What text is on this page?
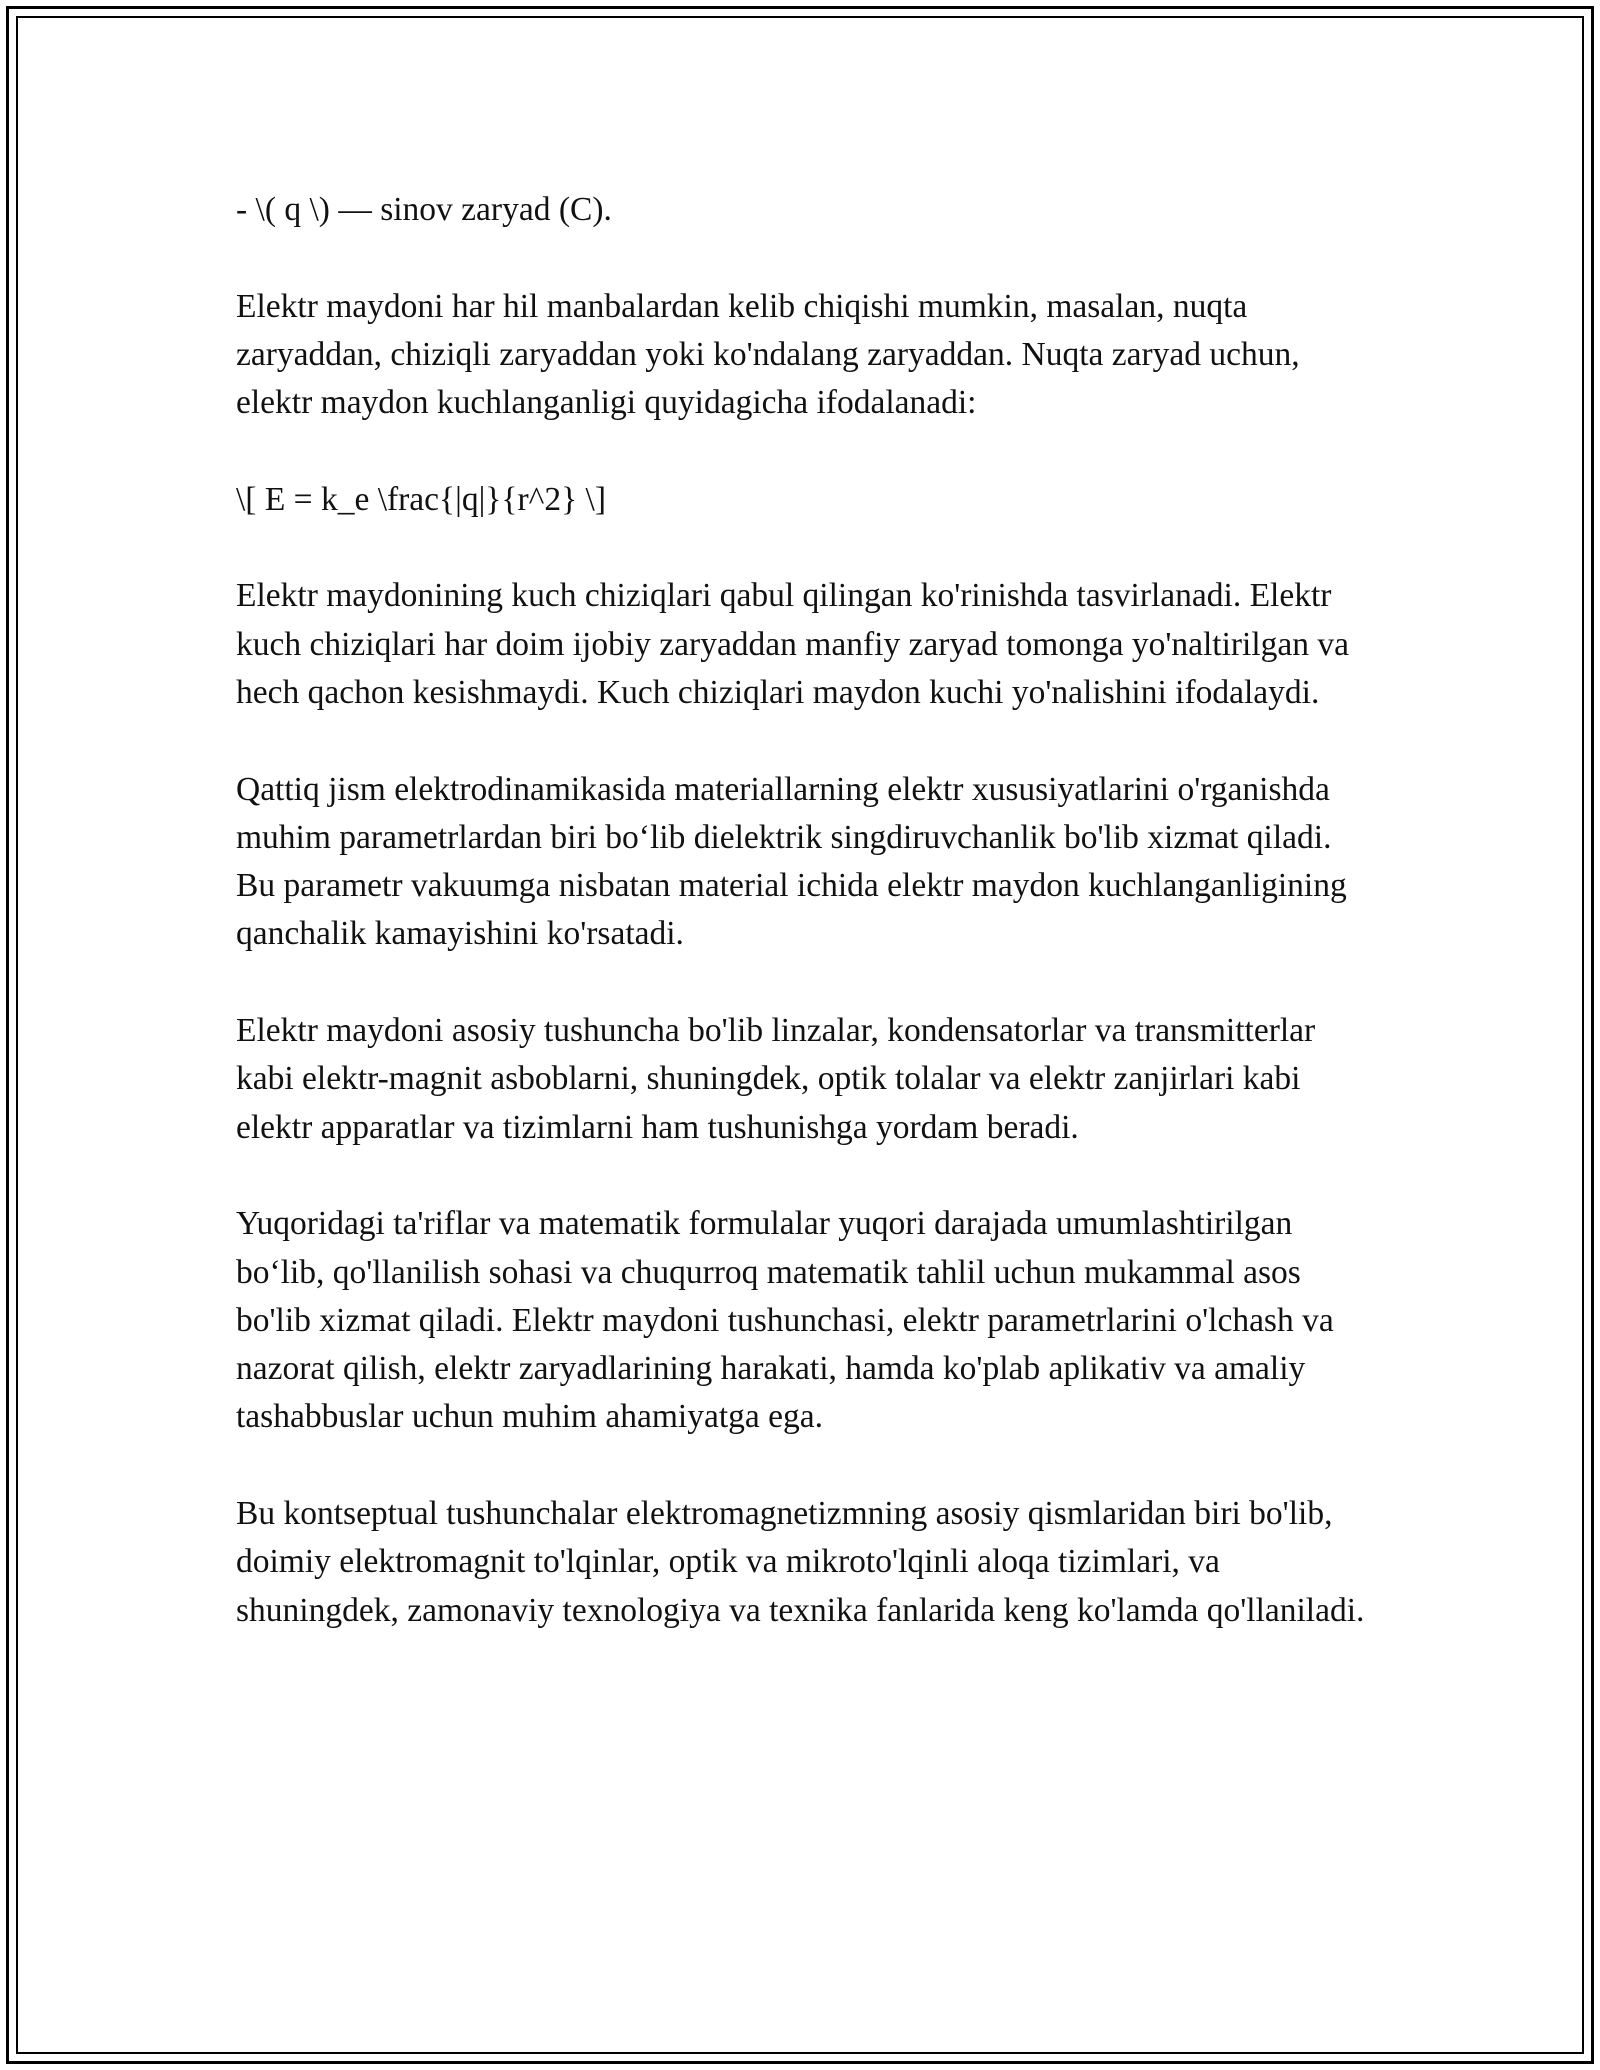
- \( q \) — sinov zaryad (C).

Elektr maydoni har hil manbalardan kelib chiqishi mumkin, masalan, nuqta zaryaddan, chiziqli zaryaddan yoki ko'ndalang zaryaddan. Nuqta zaryad uchun, elektr maydon kuchlanganligi quyidagicha ifodalanadi:

\[ E = k_e \frac{|q|}{r^2} \]

Elektr maydonining kuch chiziqlari qabul qilingan ko'rinishda tasvirlanadi. Elektr kuch chiziqlari har doim ijobiy zaryaddan manfiy zaryad tomonga yo'naltirilgan va hech qachon kesishmaydi. Kuch chiziqlari maydon kuchi yo'nalishini ifodalaydi.

Qattiq jism elektrodinamikasida materiallarning elektr xususiyatlarini o'rganishda muhim parametrlardan biri bo‘lib dielektrik singdiruvchanlik bo'lib xizmat qiladi. Bu parametr vakuumga nisbatan material ichida elektr maydon kuchlanganligining qanchalik kamayishini ko'rsatadi.

Elektr maydoni asosiy tushuncha bo'lib linzalar, kondensatorlar va transmitterlar kabi elektr-magnit asboblarni, shuningdek, optik tolalar va elektr zanjirlari kabi elektr apparatlar va tizimlarni ham tushunishga yordam beradi.

Yuqoridagi ta'riflar va matematik formulalar yuqori darajada umumlashtirilgan bo‘lib, qo'llanilish sohasi va chuqurroq matematik tahlil uchun mukammal asos bo'lib xizmat qiladi. Elektr maydoni tushunchasi, elektr parametrlarini o'lchash va nazorat qilish, elektr zaryadlarining harakati, hamda ko'plab aplikativ va amaliy tashabbuslar uchun muhim ahamiyatga ega.

Bu kontseptual tushunchalar elektromagnetizmning asosiy qismlaridan biri bo'lib, doimiy elektromagnit to'lqinlar, optik va mikroto'lqinli aloqa tizimlari, va shuningdek, zamonaviy texnologiya va texnika fanlarida keng ko'lamda qo'llaniladi.
